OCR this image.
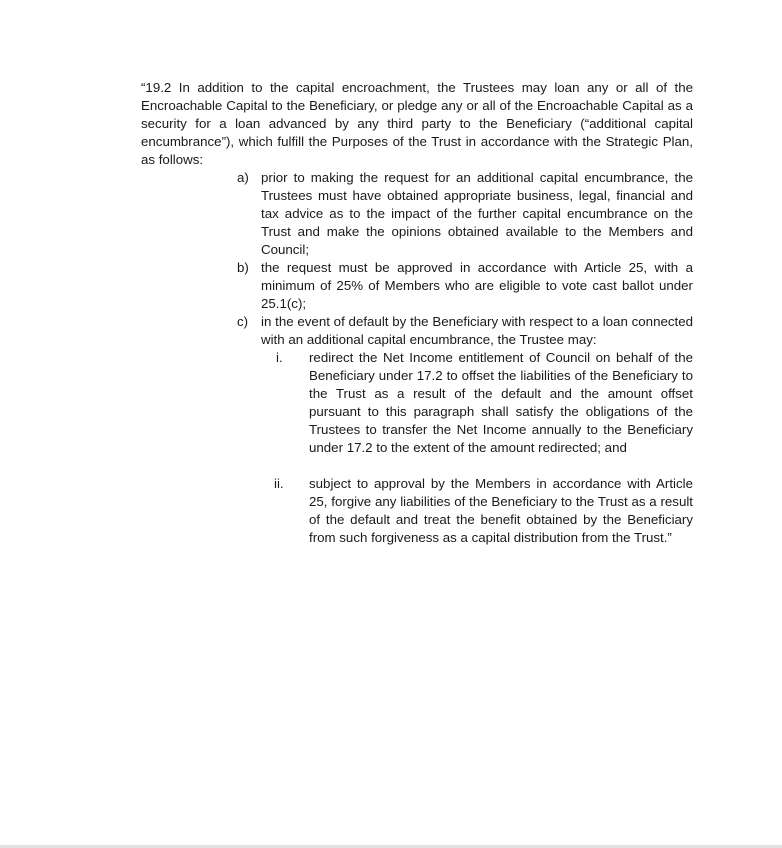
“19.2 In addition to the capital encroachment, the Trustees may loan any or all of the Encroachable Capital to the Beneficiary, or pledge any or all of the Encroachable Capital as a security for a loan advanced by any third party to the Beneficiary (“additional capital encumbrance”), which fulfill the Purposes of the Trust in accordance with the Strategic Plan, as follows:
a) prior to making the request for an additional capital encumbrance, the Trustees must have obtained appropriate business, legal, financial and tax advice as to the impact of the further capital encumbrance on the Trust and make the opinions obtained available to the Members and Council;
b) the request must be approved in accordance with Article 25, with a minimum of 25% of Members who are eligible to vote cast ballot under 25.1(c);
c) in the event of default by the Beneficiary with respect to a loan connected with an additional capital encumbrance, the Trustee may:
i. redirect the Net Income entitlement of Council on behalf of the Beneficiary under 17.2 to offset the liabilities of the Beneficiary to the Trust as a result of the default and the amount offset pursuant to this paragraph shall satisfy the obligations of the Trustees to transfer the Net Income annually to the Beneficiary under 17.2 to the extent of the amount redirected; and
ii. subject to approval by the Members in accordance with Article 25, forgive any liabilities of the Beneficiary to the Trust as a result of the default and treat the benefit obtained by the Beneficiary from such forgiveness as a capital distribution from the Trust.”
